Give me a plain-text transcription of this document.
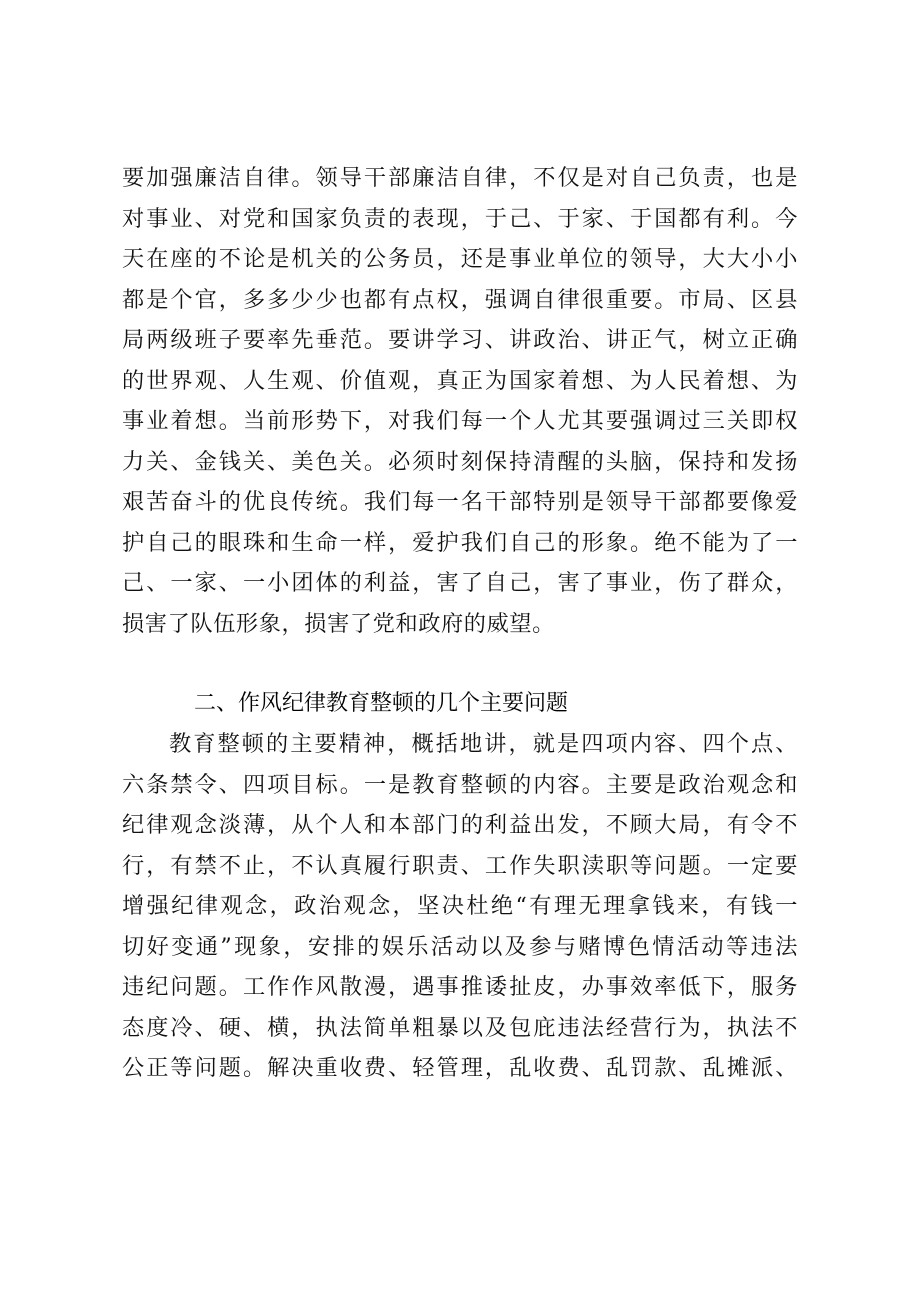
要加强廉洁自律。领导干部廉洁自律，不仅是对自己负责，也是
对事业、对党和国家负责的表现，于己、于家、于国都有利。今
天在座的不论是机关的公务员，还是事业单位的领导，大大小小
都是个官，多多少少也都有点权，强调自律很重要。市局、区县
局两级班子要率先垂范。要讲学习、讲政治、讲正气，树立正确
的世界观、人生观、价值观，真正为国家着想、为人民着想、为
事业着想。当前形势下，对我们每一个人尤其要强调过三关即权
力关、金钱关、美色关。必须时刻保持清醒的头脑，保持和发扬
艰苦奋斗的优良传统。我们每一名干部特别是领导干部都要像爱
护自己的眼珠和生命一样，爱护我们自己的形象。绝不能为了一
己、一家、一小团体的利益，害了自己，害了事业，伤了群众，
损害了队伍形象，损害了党和政府的威望。
二、作风纪律教育整顿的几个主要问题
教育整顿的主要精神，概括地讲，就是四项内容、四个点、
六条禁令、四项目标。一是教育整顿的内容。主要是政治观念和
纪律观念淡薄，从个人和本部门的利益出发，不顾大局，有令不
行，有禁不止，不认真履行职责、工作失职渎职等问题。一定要
增强纪律观念，政治观念，坚决杜绝“有理无理拿钱来，有钱一
切好变通”现象，安排的娱乐活动以及参与赌博色情活动等违法
违纪问题。工作作风散漫，遇事推诿扯皮，办事效率低下，服务
态度冷、硬、横，执法简单粗暴以及包庇违法经营行为，执法不
公正等问题。解决重收费、轻管理，乱收费、乱罚款、乱摊派、
